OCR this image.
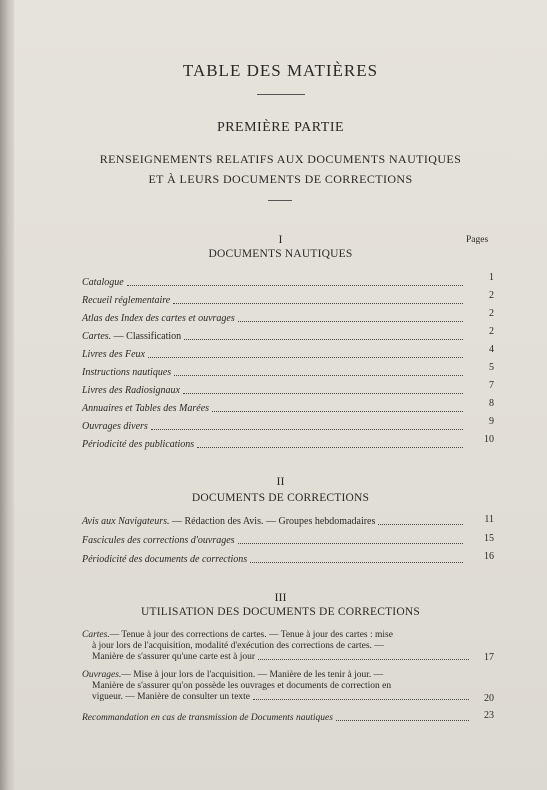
TABLE DES MATIÈRES
PREMIÈRE PARTIE
RENSEIGNEMENTS RELATIFS AUX DOCUMENTS NAUTIQUES
ET À LEURS DOCUMENTS DE CORRECTIONS
I	Pages
DOCUMENTS NAUTIQUES
Catalogue	1
Recueil réglementaire	2
Atlas des Index des cartes et ouvrages	2
Cartes. — Classification	2
Livres des Feux	4
Instructions nautiques	5
Livres des Radiosignaux	7
Annuaires et Tables des Marées	8
Ouvrages divers	9
Périodicité des publications	10
II
DOCUMENTS DE CORRECTIONS
Avis aux Navigateurs. — Rédaction des Avis. — Groupes hebdomadaires	11
Fascicules des corrections d'ouvrages	15
Périodicité des documents de corrections	16
III
UTILISATION DES DOCUMENTS DE CORRECTIONS
Cartes. — Tenue à jour des corrections de cartes. — Tenue à jour des cartes : mise
à jour lors de l'acquisition, modalité d'exécution des corrections de cartes. —
Manière de s'assurer qu'une carte est à jour	17
Ouvrages. — Mise à jour lors de l'acquisition. — Manière de les tenir à jour. —
Manière de s'assurer qu'on possède les ouvrages et documents de correction en
vigueur. — Manière de consulter un texte	20
Recommandation en cas de transmission de Documents nautiques	23
